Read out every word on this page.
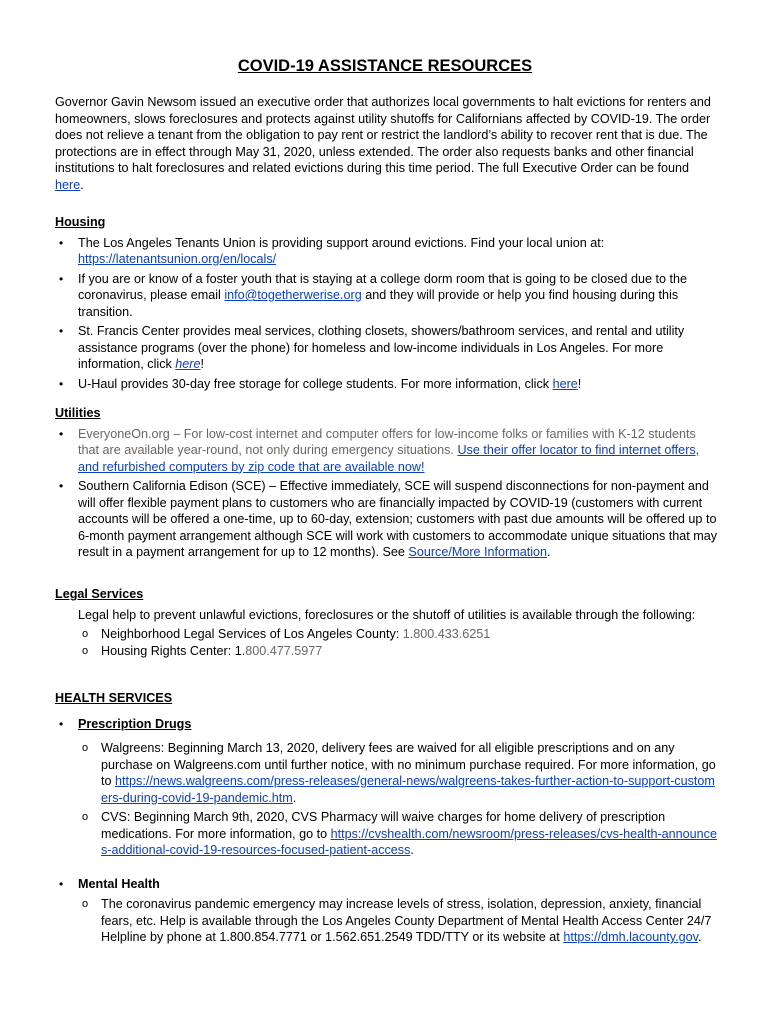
COVID-19 ASSISTANCE RESOURCES

Governor Gavin Newsom issued an executive order that authorizes local governments to halt evictions for renters and homeowners, slows foreclosures and protects against utility shutoffs for Californians affected by COVID-19. The order does not relieve a tenant from the obligation to pay rent or restrict the landlord’s ability to recover rent that is due. The protections are in effect through May 31, 2020, unless extended. The order also requests banks and other financial institutions to halt foreclosures and related evictions during this time period. The full Executive Order can be found here.

Housing

• The Los Angeles Tenants Union is providing support around evictions. Find your local union at: https://latenantsunion.org/en/locals/
• If you are or know of a foster youth that is staying at a college dorm room that is going to be closed due to the coronavirus, please email info@togetherwerise.org and they will provide or help you find housing during this transition.
• St. Francis Center provides meal services, clothing closets, showers/bathroom services, and rental and utility assistance programs (over the phone) for homeless and low-income individuals in Los Angeles. For more information, click here!
• U-Haul provides 30-day free storage for college students. For more information, click here!

Utilities

• EveryoneOn.org – For low-cost internet and computer offers for low-income folks or families with K-12 students that are available year-round, not only during emergency situations. Use their offer locator to find internet offers, and refurbished computers by zip code that are available now!
• Southern California Edison (SCE) – Effective immediately, SCE will suspend disconnections for non-payment and will offer flexible payment plans to customers who are financially impacted by COVID-19 (customers with current accounts will be offered a one-time, up to 60-day, extension; customers with past due amounts will be offered up to 6-month payment arrangement although SCE will work with customers to accommodate unique situations that may result in a payment arrangement for up to 12 months). See Source/More Information.

Legal Services

Legal help to prevent unlawful evictions, foreclosures or the shutoff of utilities is available through the following:

o Neighborhood Legal Services of Los Angeles County: 1.800.433.6251
o Housing Rights Center: 1.800.477.5977

HEALTH SERVICES

• Prescription Drugs
o Walgreens: Beginning March 13, 2020, delivery fees are waived for all eligible prescriptions and on any purchase on Walgreens.com until further notice, with no minimum purchase required. For more information, go to https://news.walgreens.com/press-releases/general-news/walgreens-takes-further-action-to-support-customers-during-covid-19-pandemic.htm.
o CVS: Beginning March 9th, 2020, CVS Pharmacy will waive charges for home delivery of prescription medications. For more information, go to https://cvshealth.com/newsroom/press-releases/cvs-health-announces-additional-covid-19-resources-focused-patient-access.
• Mental Health
o The coronavirus pandemic emergency may increase levels of stress, isolation, depression, anxiety, financial fears, etc. Help is available through the Los Angeles County Department of Mental Health Access Center 24/7 Helpline by phone at 1.800.854.7771 or 1.562.651.2549 TDD/TTY or its website at https://dmh.lacounty.gov.
